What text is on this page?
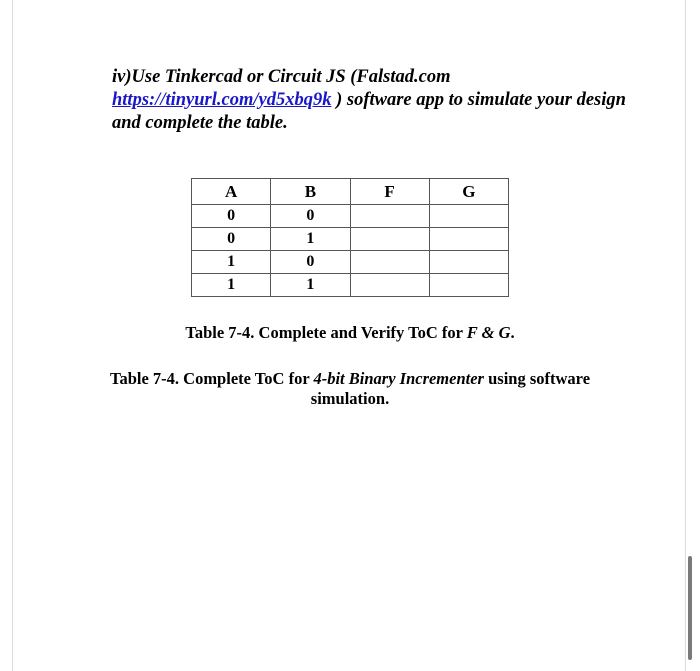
iv)Use Tinkercad or Circuit JS (Falstad.com https://tinyurl.com/yd5xbq9k ) software app to simulate your design and complete the table.
A	B	F	G
0	0		
0	1		
1	0		
1	1		
Table 7-4. Complete and Verify ToC for F & G.
Table 7-4. Complete ToC for 4-bit Binary Incrementer using software simulation.
